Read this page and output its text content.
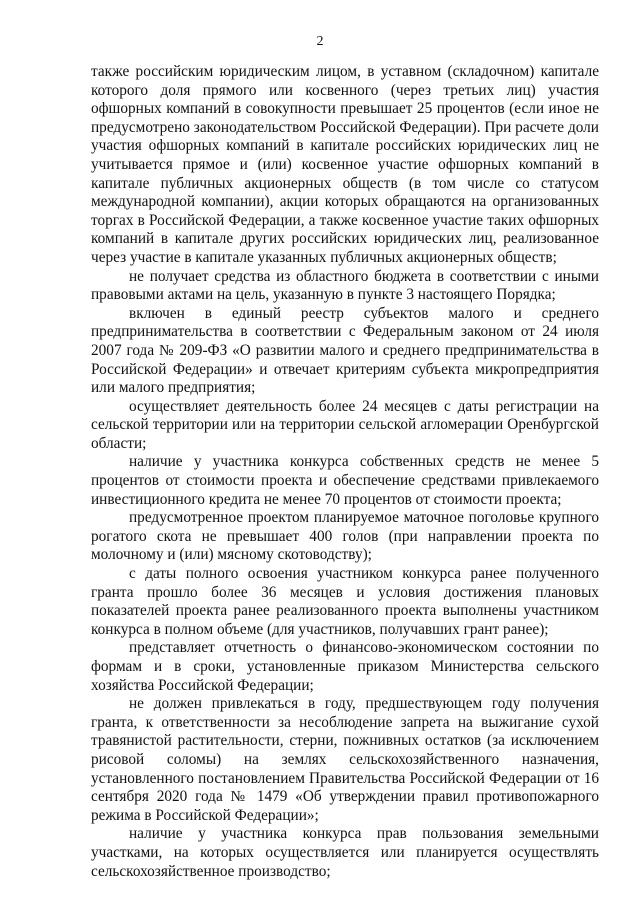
2

также российским юридическим лицом, в уставном (складочном) капитале которого доля прямого или косвенного (через третьих лиц) участия офшорных компаний в совокупности превышает 25 процентов (если иное не предусмотрено законодательством Российской Федерации). При расчете доли участия офшорных компаний в капитале российских юридических лиц не учитывается прямое и (или) косвенное участие офшорных компаний в капитале публичных акционерных обществ (в том числе со статусом международной компании), акции которых обращаются на организованных торгах в Российской Федерации, а также косвенное участие таких офшорных компаний в капитале других российских юридических лиц, реализованное через участие в капитале указанных публичных акционерных обществ;

не получает средства из областного бюджета в соответствии с иными правовыми актами на цель, указанную в пункте 3 настоящего Порядка;

включен в единый реестр субъектов малого и среднего предпринимательства в соответствии с Федеральным законом от 24 июля 2007 года № 209-ФЗ «О развитии малого и среднего предпринимательства в Российской Федерации» и отвечает критериям субъекта микропредприятия или малого предприятия;

осуществляет деятельность более 24 месяцев с даты регистрации на сельской территории или на территории сельской агломерации Оренбургской области;

наличие у участника конкурса собственных средств не менее 5 процентов от стоимости проекта и обеспечение средствами привлекаемого инвестиционного кредита не менее 70 процентов от стоимости проекта;

предусмотренное проектом планируемое маточное поголовье крупного рогатого скота не превышает 400 голов (при направлении проекта по молочному и (или) мясному скотоводству);

с даты полного освоения участником конкурса ранее полученного гранта прошло более 36 месяцев и условия достижения плановых показателей проекта ранее реализованного проекта выполнены участником конкурса в полном объеме (для участников, получавших грант ранее);

представляет отчетность о финансово-экономическом состоянии по формам и в сроки, установленные приказом Министерства сельского хозяйства Российской Федерации;

не должен привлекаться в году, предшествующем году получения гранта, к ответственности за несоблюдение запрета на выжигание сухой травянистой растительности, стерни, пожнивных остатков (за исключением рисовой соломы) на землях сельскохозяйственного назначения, установленного постановлением Правительства Российской Федерации от 16 сентября 2020 года № 1479 «Об утверждении правил противопожарного режима в Российской Федерации»;

наличие у участника конкурса прав пользования земельными участками, на которых осуществляется или планируется осуществлять сельскохозяйственное производство;
